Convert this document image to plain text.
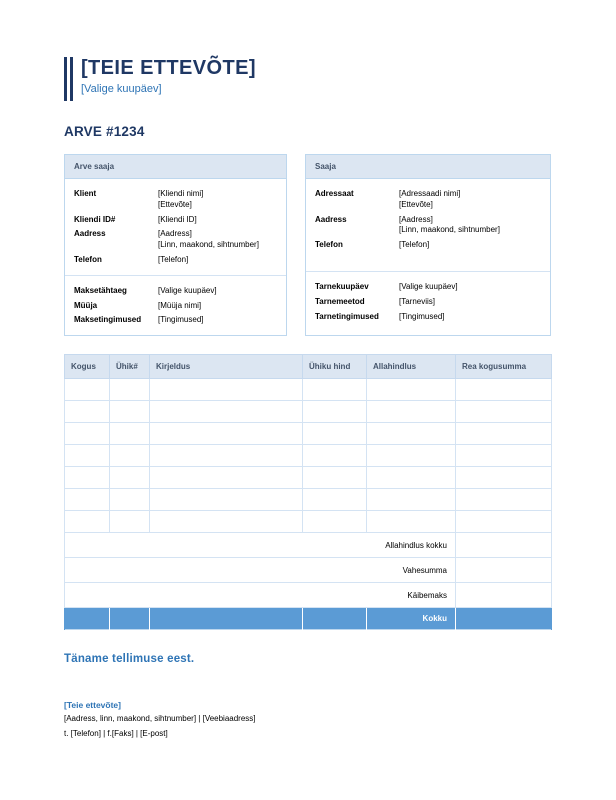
[TEIE ETTEVÕTE]
[Valige kuupäev]
ARVE #1234
Arve saaja
Klient	[Kliendi nimi]
[Ettevõte]
Kliendi ID#	[Kliendi ID]
Aadress	[Aadress]
[Linn, maakond, sihtnumber]
Telefon	[Telefon]
Maksetähtaeg	[Valige kuupäev]
Müüja	[Müüja nimi]
Maksetingimused	[Tingimused]
Saaja
Adressaat	[Adressaadi nimi]
[Ettevõte]
Aadress	[Aadress]
[Linn, maakond, sihtnumber]
Telefon	[Telefon]
Tarnekuupäev	[Valige kuupäev]
Tarnemeetod	[Tarneviis]
Tarnetingimused	[Tingimused]
Kogus	Ühik#	Kirjeldus	Ühiku hind	Allahindlus	Rea kogusumma

Allahindlus kokku					
Vahesumma					
Käibemaks					
				Kokku	
Täname tellimuse eest.
[Teie ettevõte]
[Aadress, linn, maakond, sihtnumber] | [Veebiaadress]
t. [Telefon] | f.[Faks] | [E-post]
